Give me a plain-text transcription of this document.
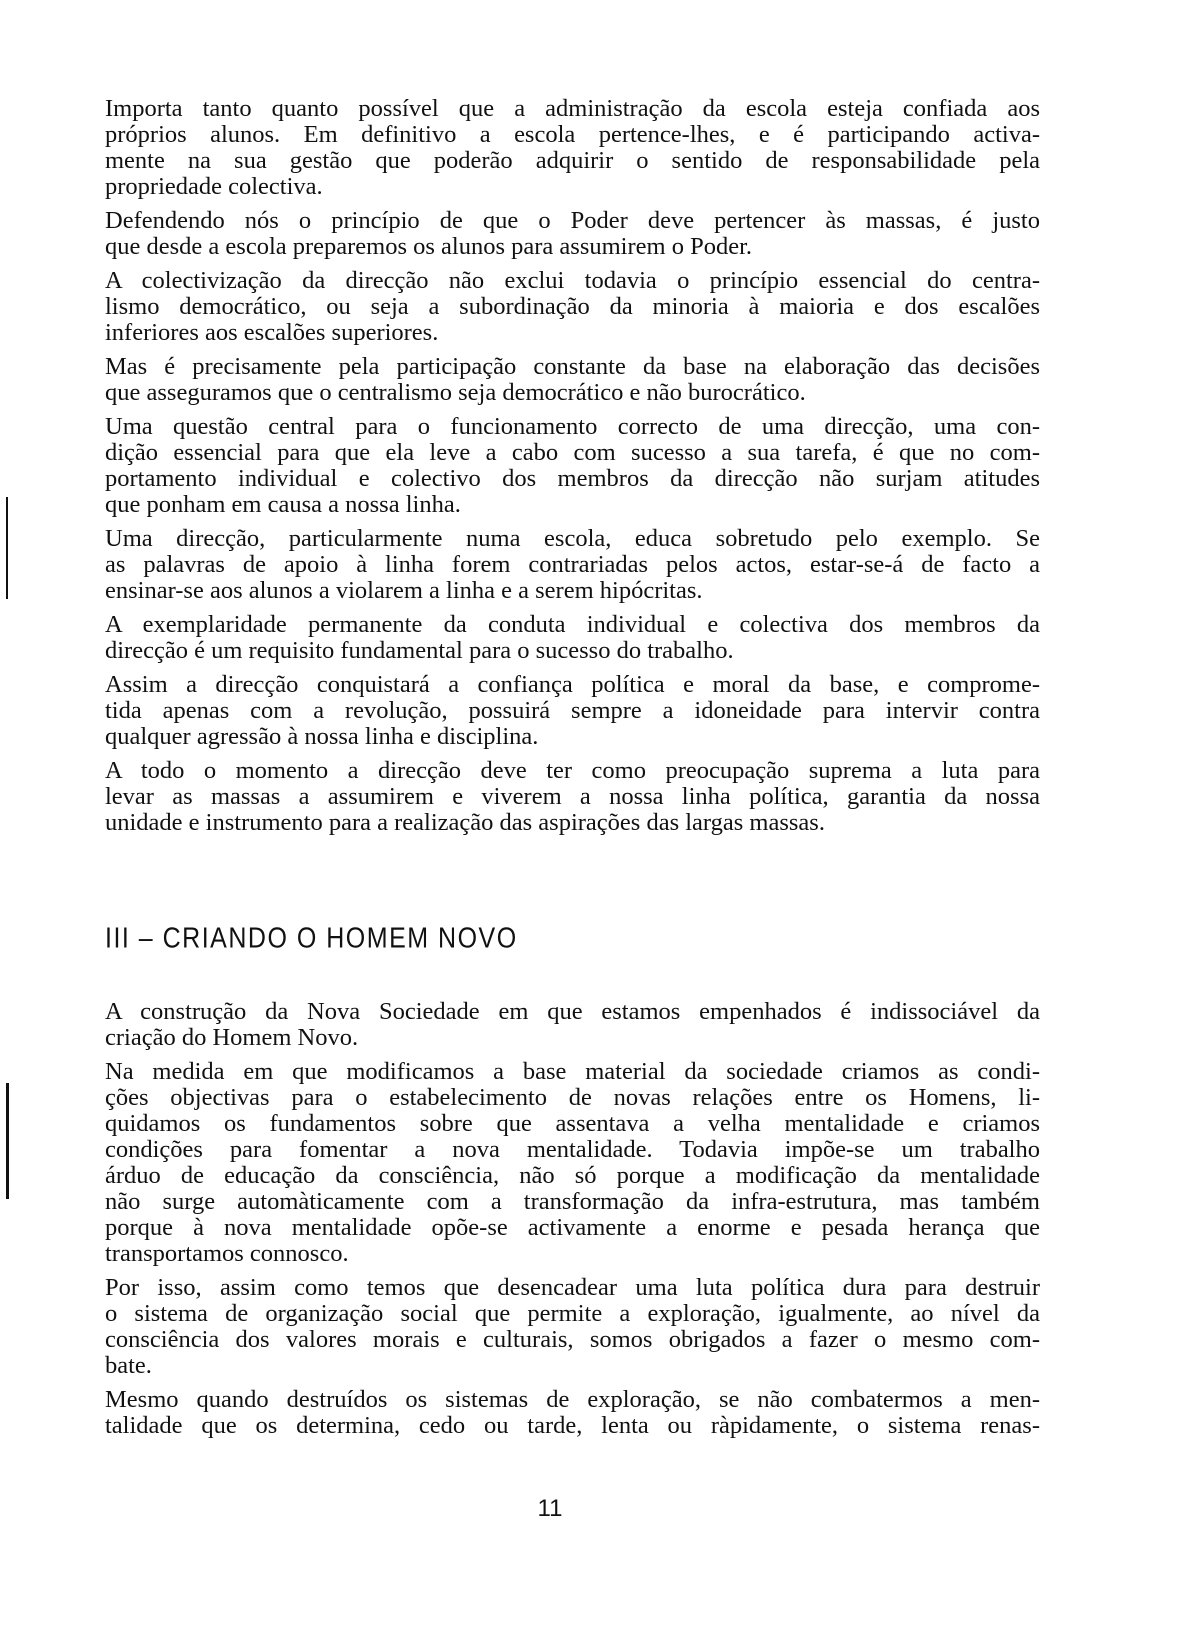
Importa tanto quanto possível que a administração da escola esteja confiada aos
próprios alunos. Em definitivo a escola pertence-lhes, e é participando activa-
mente na sua gestão que poderão adquirir o sentido de responsabilidade pela
propriedade colectiva.
Defendendo nós o princípio de que o Poder deve pertencer às massas, é justo
que desde a escola preparemos os alunos para assumirem o Poder.
A colectivização da direcção não exclui todavia o princípio essencial do centra-
lismo democrático, ou seja a subordinação da minoria à maioria e dos escalões
inferiores aos escalões superiores.
Mas é precisamente pela participação constante da base na elaboração das decisões
que asseguramos que o centralismo seja democrático e não burocrático.
Uma questão central para o funcionamento correcto de uma direcção, uma con-
dição essencial para que ela leve a cabo com sucesso a sua tarefa, é que no com-
portamento individual e colectivo dos membros da direcção não surjam atitudes
que ponham em causa a nossa linha.
Uma direcção, particularmente numa escola, educa sobretudo pelo exemplo. Se
as palavras de apoio à linha forem contrariadas pelos actos, estar-se-á de facto a
ensinar-se aos alunos a violarem a linha e a serem hipócritas.
A exemplaridade permanente da conduta individual e colectiva dos membros da
direcção é um requisito fundamental para o sucesso do trabalho.
Assim a direcção conquistará a confiança política e moral da base, e comprome-
tida apenas com a revolução, possuirá sempre a idoneidade para intervir contra
qualquer agressão à nossa linha e disciplina.
A todo o momento a direcção deve ter como preocupação suprema a luta para
levar as massas a assumirem e viverem a nossa linha política, garantia da nossa
unidade e instrumento para a realização das aspirações das largas massas.
III – CRIANDO O HOMEM NOVO
A construção da Nova Sociedade em que estamos empenhados é indissociável da
criação do Homem Novo.
Na medida em que modificamos a base material da sociedade criamos as condi-
ções objectivas para o estabelecimento de novas relações entre os Homens, li-
quidamos os fundamentos sobre que assentava a velha mentalidade e criamos
condições para fomentar a nova mentalidade. Todavia impõe-se um trabalho
árduo de educação da consciência, não só porque a modificação da mentalidade
não surge automàticamente com a transformação da infra-estrutura, mas também
porque à nova mentalidade opõe-se activamente a enorme e pesada herança que
transportamos connosco.
Por isso, assim como temos que desencadear uma luta política dura para destruir
o sistema de organização social que permite a exploração, igualmente, ao nível da
consciência dos valores morais e culturais, somos obrigados a fazer o mesmo com-
bate.
Mesmo quando destruídos os sistemas de exploração, se não combatermos a men-
talidade que os determina, cedo ou tarde, lenta ou ràpidamente, o sistema renas-
11
